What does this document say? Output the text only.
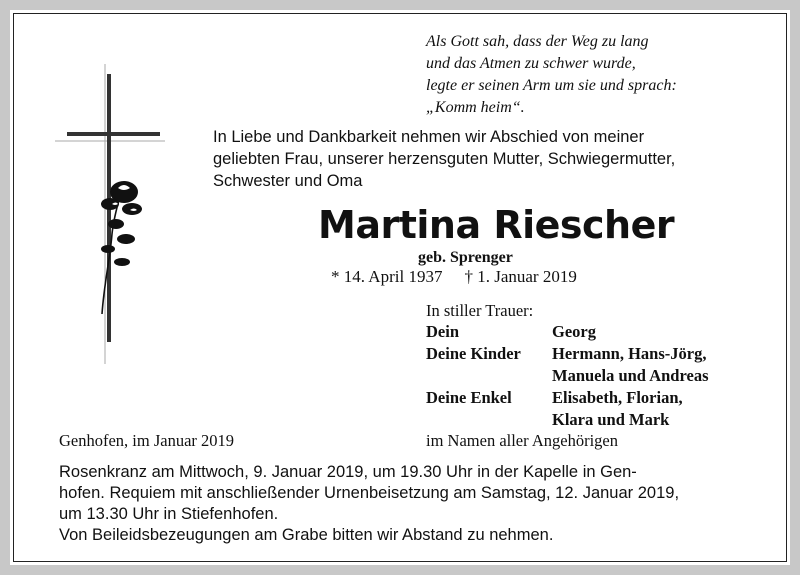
Als Gott sah, dass der Weg zu lang
und das Atmen zu schwer wurde,
legte er seinen Arm um sie und sprach:
„Komm heim“.
In Liebe und Dankbarkeit nehmen wir Abschied von meiner
geliebten Frau, unserer herzensguten Mutter, Schwiegermutter,
Schwester und Oma
Martina Riescher
geb. Sprenger
* 14. April 1937 † 1. Januar 2019
In stiller Trauer:
Dein	Georg
Deine Kinder Hermann, Hans-Jörg,
Manuela und Andreas
Deine Enkel Elisabeth, Florian,
Klara und Mark
im Namen aller Angehörigen
Genhofen, im Januar 2019
Rosenkranz am Mittwoch, 9. Januar 2019, um 19.30 Uhr in der Kapelle in Gen-
hofen. Requiem mit anschließender Urnenbeisetzung am Samstag, 12. Januar 2019,
um 13.30 Uhr in Stiefenhofen.
Von Beileidsbezeugungen am Grabe bitten wir Abstand zu nehmen.
